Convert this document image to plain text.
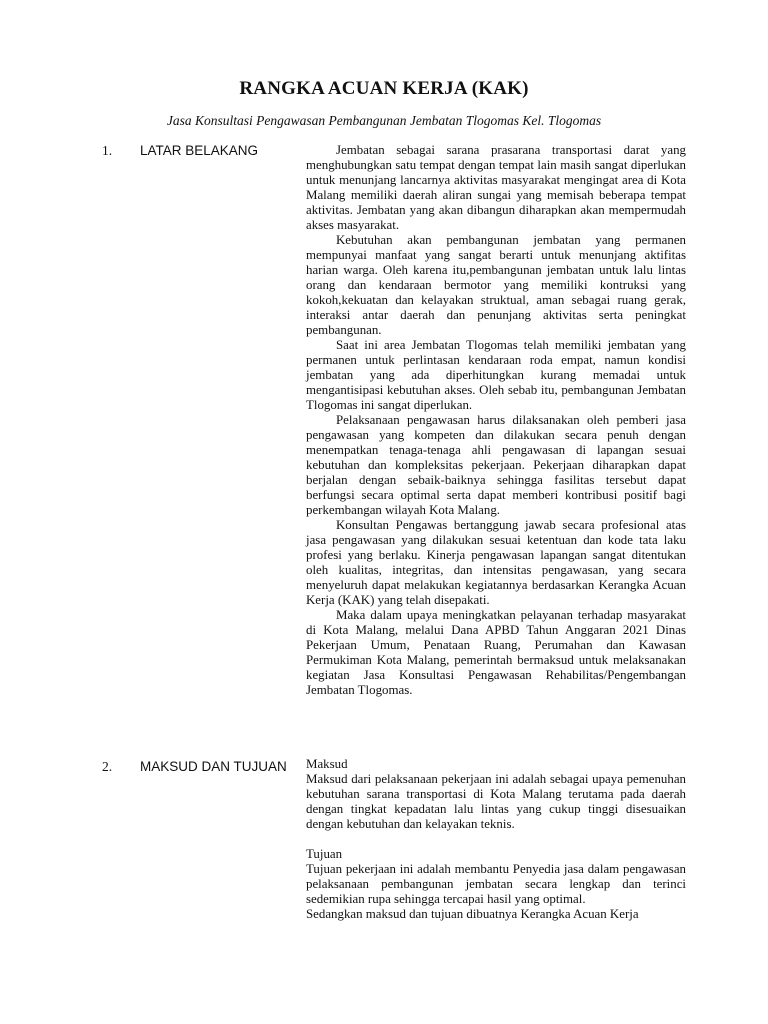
RANGKA ACUAN KERJA (KAK)
Jasa Konsultasi Pengawasan Pembangunan Jembatan Tlogomas Kel. Tlogomas
1. LATAR BELAKANG	Jembatan sebagai sarana prasarana transportasi darat yang menghubungkan satu tempat dengan tempat lain masih sangat diperlukan untuk menunjang lancarnya aktivitas masyarakat mengingat area di Kota Malang memiliki daerah aliran sungai yang memisah beberapa tempat aktivitas. Jembatan yang akan dibangun diharapkan akan mempermudah akses masyarakat.

Kebutuhan akan pembangunan jembatan yang permanen mempunyai manfaat yang sangat berarti untuk menunjang aktifitas harian warga. Oleh karena itu,pembangunan jembatan untuk lalu lintas orang dan kendaraan bermotor yang memiliki kontruksi yang kokoh,kekuatan dan kelayakan struktual, aman sebagai ruang gerak, interaksi antar daerah dan penunjang aktivitas serta peningkat pembangunan.

Saat ini area Jembatan Tlogomas telah memiliki jembatan yang permanen untuk perlintasan kendaraan roda empat, namun kondisi jembatan yang ada diperhitungkan kurang memadai untuk mengantisipasi kebutuhan akses. Oleh sebab itu, pembangunan Jembatan Tlogomas ini sangat diperlukan.

Pelaksanaan pengawasan harus dilaksanakan oleh pemberi jasa pengawasan yang kompeten dan dilakukan secara penuh dengan menempatkan tenaga-tenaga ahli pengawasan di lapangan sesuai kebutuhan dan kompleksitas pekerjaan. Pekerjaan diharapkan dapat berjalan dengan sebaik-baiknya sehingga fasilitas tersebut dapat berfungsi secara optimal serta dapat memberi kontribusi positif bagi perkembangan wilayah Kota Malang.

Konsultan Pengawas bertanggung jawab secara profesional atas jasa pengawasan yang dilakukan sesuai ketentuan dan kode tata laku profesi yang berlaku. Kinerja pengawasan lapangan sangat ditentukan oleh kualitas, integritas, dan intensitas pengawasan, yang secara menyeluruh dapat melakukan kegiatannya berdasarkan Kerangka Acuan Kerja (KAK) yang telah disepakati.

Maka dalam upaya meningkatkan pelayanan terhadap masyarakat di Kota Malang, melalui Dana APBD Tahun Anggaran 2021 Dinas Pekerjaan Umum, Penataan Ruang, Perumahan dan Kawasan Permukiman Kota Malang, pemerintah bermaksud untuk melaksanakan kegiatan Jasa Konsultasi Pengawasan Rehabilitas/Pengembangan Jembatan Tlogomas.

2. MAKSUD DAN TUJUAN Maksud

Maksud dari pelaksanaan pekerjaan ini adalah sebagai upaya pemenuhan kebutuhan sarana transportasi di Kota Malang terutama pada daerah dengan tingkat kepadatan lalu lintas yang cukup tinggi disesuaikan dengan kebutuhan dan kelayakan teknis.

Tujuan

Tujuan pekerjaan ini adalah membantu Penyedia jasa dalam pengawasan pelaksanaan pembangunan jembatan secara lengkap dan terinci sedemikian rupa sehingga tercapai hasil yang optimal.

Sedangkan maksud dan tujuan dibuatnya Kerangka Acuan Kerja
